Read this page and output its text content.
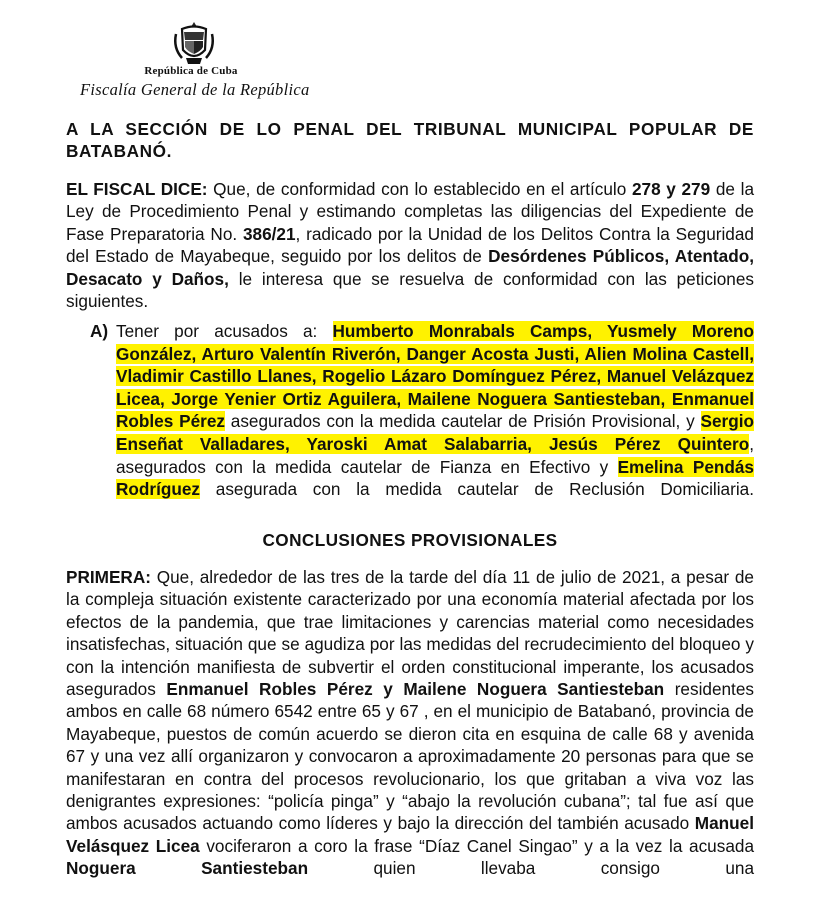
República de Cuba
Fiscalía General de la República

A LA SECCIÓN DE LO PENAL DEL TRIBUNAL MUNICIPAL POPULAR DE BATABANÓ.

EL FISCAL DICE: Que, de conformidad con lo establecido en el artículo 278 y 279 de la Ley de Procedimiento Penal y estimando completas las diligencias del Expediente de Fase Preparatoria No. 386/21, radicado por la Unidad de los Delitos Contra la Seguridad del Estado de Mayabeque, seguido por los delitos de Desórdenes Públicos, Atentado, Desacato y Daños, le interesa que se resuelva de conformidad con las peticiones siguientes.

A) Tener por acusados a: Humberto Monrabals Camps, Yusmely Moreno González, Arturo Valentín Riverón, Danger Acosta Justi, Alien Molina Castell, Vladimir Castillo Llanes, Rogelio Lázaro Domínguez Pérez, Manuel Velázquez Licea, Jorge Yenier Ortiz Aguilera, Mailene Noguera Santiesteban, Enmanuel Robles Pérez asegurados con la medida cautelar de Prisión Provisional, y Sergio Enseñat Valladares, Yaroski Amat Salabarria, Jesús Pérez Quintero, asegurados con la medida cautelar de Fianza en Efectivo y Emelina Pendás Rodríguez asegurada con la medida cautelar de Reclusión Domiciliaria.

CONCLUSIONES PROVISIONALES

PRIMERA: Que, alrededor de las tres de la tarde del día 11 de julio de 2021, a pesar de la compleja situación existente caracterizado por una economía material afectada por los efectos de la pandemia, que trae limitaciones y carencias material como necesidades insatisfechas, situación que se agudiza por las medidas del recrudecimiento del bloqueo y con la intención manifiesta de subvertir el orden constitucional imperante, los acusados asegurados Enmanuel Robles Pérez y Mailene Noguera Santiesteban residentes ambos en calle 68 número 6542 entre 65 y 67 , en el municipio de Batabanó, provincia de Mayabeque, puestos de común acuerdo se dieron cita en esquina de calle 68 y avenida 67 y una vez allí organizaron y convocaron a aproximadamente 20 personas para que se manifestaran en contra del procesos revolucionario, los que gritaban a viva voz las denigrantes expresiones: “policía pinga” y “abajo la revolución cubana”; tal fue así que ambos acusados actuando como líderes y bajo la dirección del también acusado Manuel Velásquez Licea vociferaron a coro la frase “Díaz Canel Singao” y a la vez la acusada Noguera Santiesteban quien llevaba consigo una
